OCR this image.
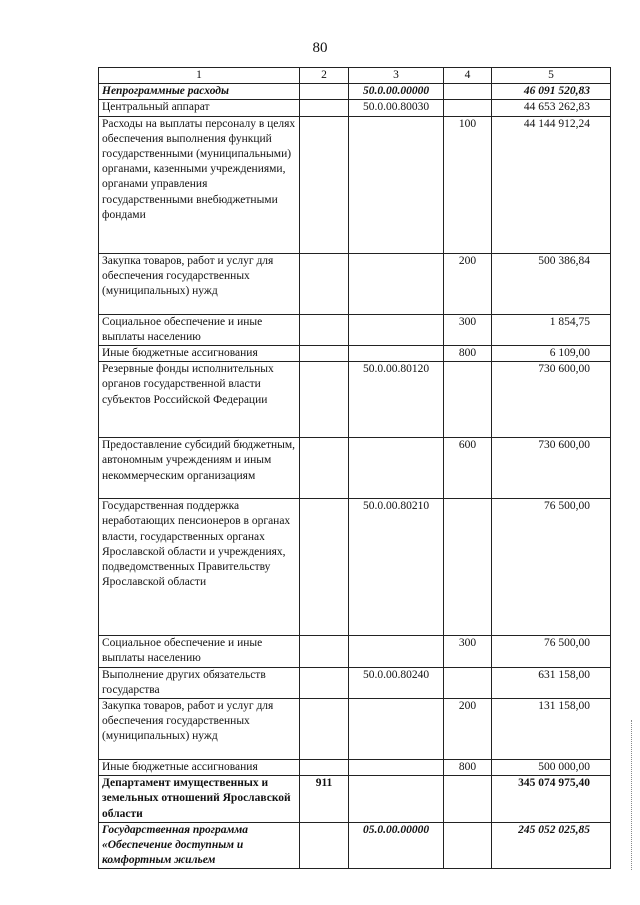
80
1	2	3	4	5
Непрограммные расходы		50.0.00.00000		46 091 520,83
Центральный аппарат		50.0.00.80030		44 653 262,83
Расходы на выплаты персоналу в целях обеспечения выполнения функций государственными (муниципальными) органами, казенными учреждениями, органами управления государственными внебюджетными фондами			100	44 144 912,24
Закупка товаров, работ и услуг для обеспечения государственных (муниципальных) нужд			200	500 386,84
Социальное обеспечение и иные выплаты населению			300	1 854,75
Иные бюджетные ассигнования			800	6 109,00
Резервные фонды исполнительных органов государственной власти субъектов Российской Федерации		50.0.00.80120		730 600,00
Предоставление субсидий бюджетным, автономным учреждениям и иным некоммерческим организациям			600	730 600,00
Государственная поддержка неработающих пенсионеров в органах власти, государственных органах Ярославской области и учреждениях, подведомственных Правительству Ярославской области		50.0.00.80210		76 500,00
Социальное обеспечение и иные выплаты населению			300	76 500,00
Выполнение других обязательств государства		50.0.00.80240		631 158,00
Закупка товаров, работ и услуг для обеспечения государственных (муниципальных) нужд			200	131 158,00
Иные бюджетные ассигнования			800	500 000,00
Департамент имущественных и земельных отношений Ярославской области	911			345 074 975,40
Государственная программа «Обеспечение доступным и комфортным жильем		05.0.00.00000		245 052 025,85
